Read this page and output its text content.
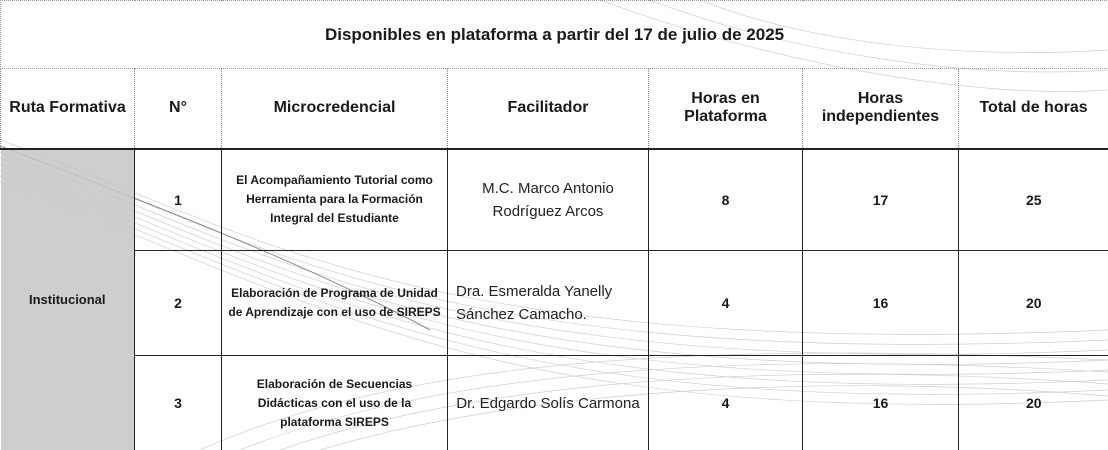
Disponibles en plataforma a partir del 17 de julio de 2025						
Ruta Formativa	N°	Microcredencial	Facilitador	Horas en Plataforma	Horas independientes	Total de horas
Institucional	1	El Acompañamiento Tutorial como Herramienta para la Formación Integral del Estudiante	M.C. Marco Antonio Rodríguez Arcos	8	17	25
	2	Elaboración de Programa de Unidad de Aprendizaje con el uso de SIREPS	Dra. Esmeralda Yanelly Sánchez Camacho.	4	16	20
	3	Elaboración de Secuencias Didácticas con el uso de la plataforma SIREPS	Dr. Edgardo Solís Carmona	4	16	20
